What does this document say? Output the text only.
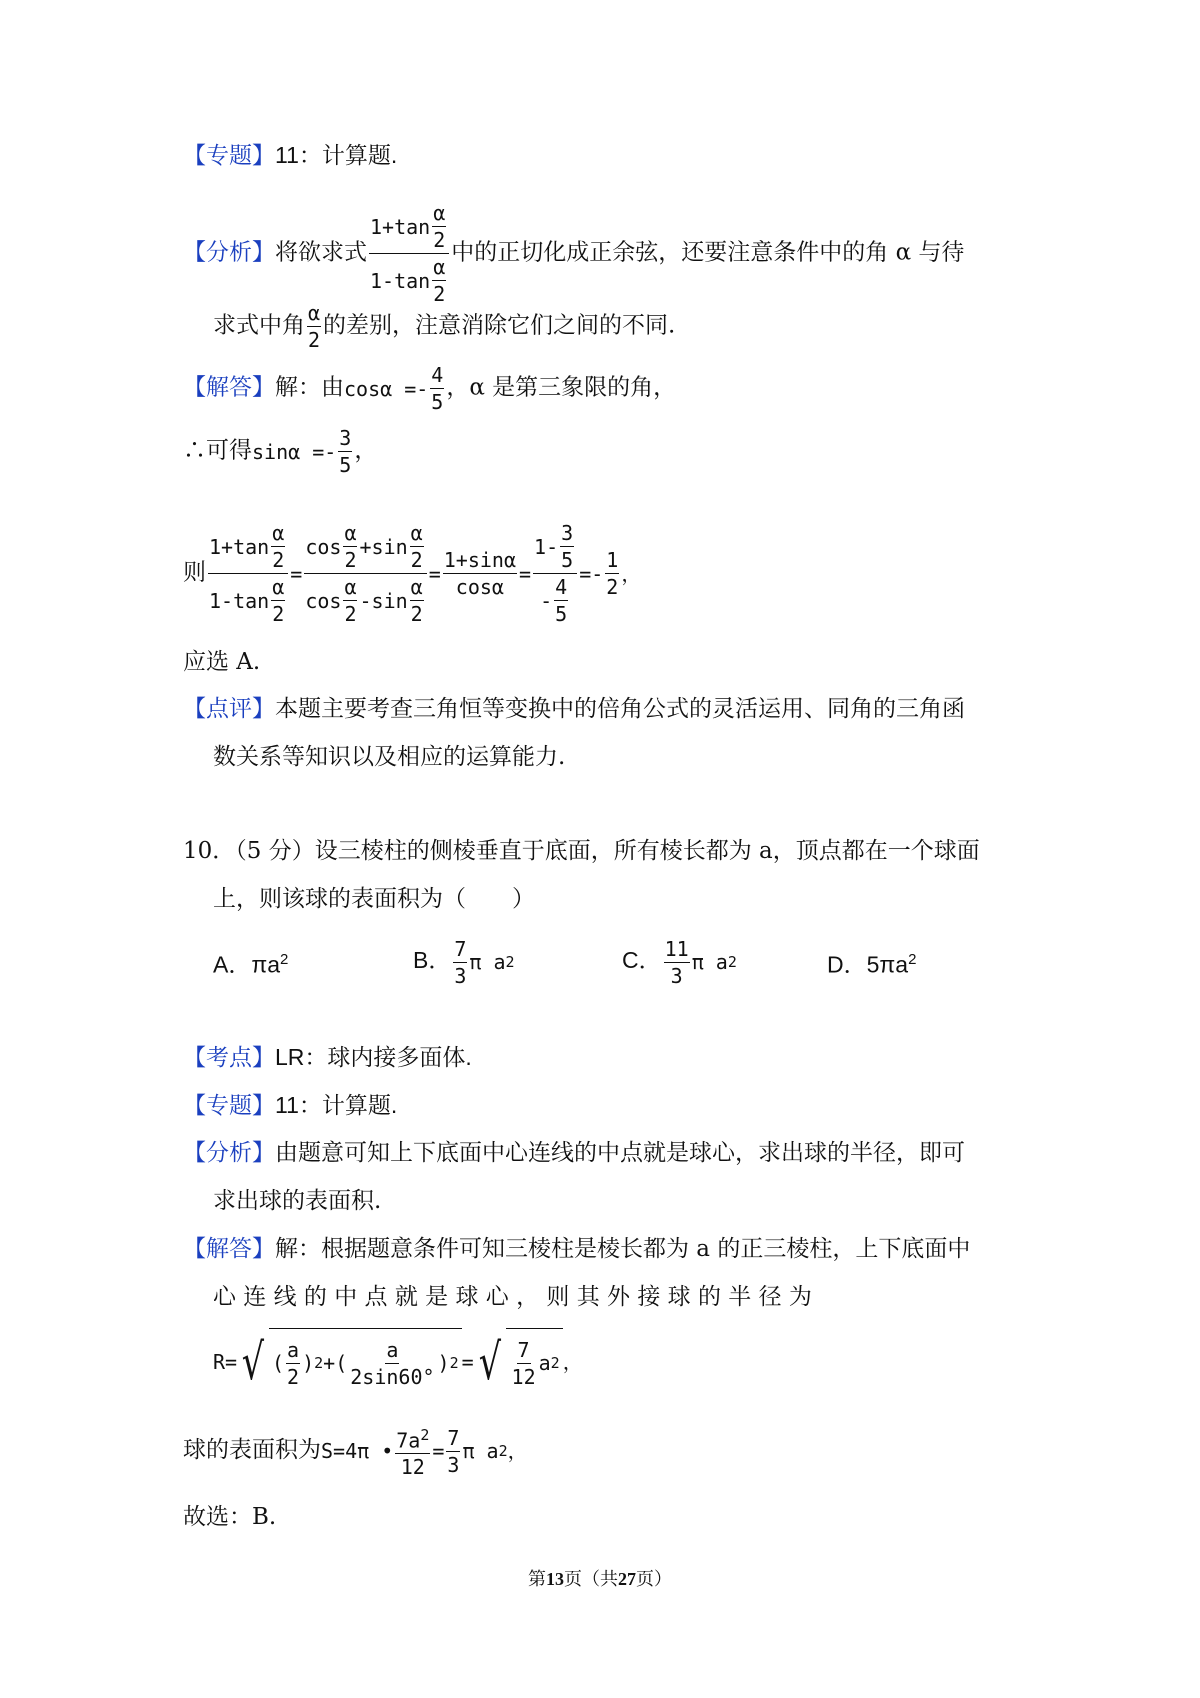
【专题】11：计算题.
【分析】将欲求式 $\frac{1+\tan \frac{\alpha}{2}}{1-\tan \frac{\alpha}{2}}$ 中的正切化成正余弦，还要注意条件中的角 α 与待
求式中角 $\frac{\alpha}{2}$ 的差别，注意消除它们之间的不同.
【解答】解：由 $\cos\alpha =- \frac{4}{5}$ ，α 是第三象限的角，
∴可得 $\sin\alpha =- \frac{3}{5}$ ，
则 $\frac{1+\tan \frac{\alpha}{2}}{1-\tan \frac{\alpha}{2}} = \frac{\cos \frac{\alpha}{2} +\sin \frac{\alpha}{2}}{\cos \frac{\alpha}{2} -\sin \frac{\alpha}{2}} = \frac{1+\sin\alpha}{\cos\alpha} = \frac{1- \frac{3}{5}}{- \frac{4}{5}}$ = - $\frac{1}{2}$ ，
应选 A.
【点评】本题主要考查三角恒等变换中的倍角公式的灵活运用、同角的三角函
数关系等知识以及相应的运算能力.
10．（5 分）设三棱柱的侧棱垂直于底面，所有棱长都为 a，顶点都在一个球面
上，则该球的表面积为（　　）
A．$\pi a^2$	B． $\frac{7}{3}$ π a 2	C． $\frac{11}{3}$ π a 2	D．$5\pi a^2$
【考点】LR：球内接多面体.
【专题】11：计算题.
【分析】由题意可知上下底面中心连线的中点就是球心，求出球的半径，即可
求出球的表面积.
【解答】解：根据题意条件可知三棱柱是棱长都为 a 的正三棱柱，上下底面中
心 连 线 的 中 点 就 是 球 心 ， 则 其 外 接 球 的 半 径 为
R= √ ( $\frac{a}{2}$ ) 2 + ( $\frac{a}{2\sin 60^\circ}$ ) 2 = √ $\frac{7}{12}$ a 2 ，
球的表面积为 S=4π • $\frac{7a^2}{12} = \frac{7}{3}$ π a 2 ，
故选：B.
第13页（共27页）
